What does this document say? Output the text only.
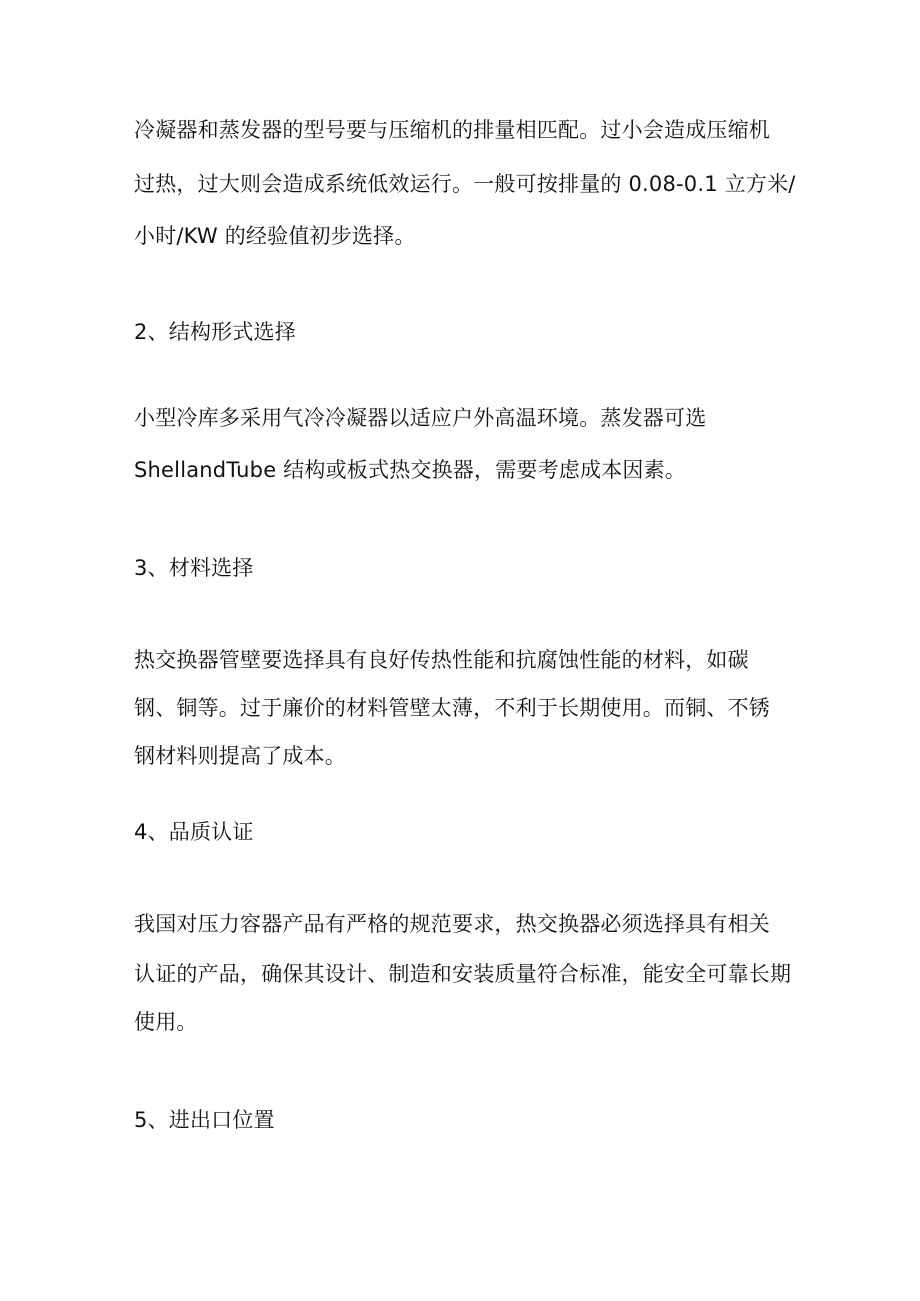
冷凝器和蒸发器的型号要与压缩机的排量相匹配。过小会造成压缩机

过热，过大则会造成系统低效运行。一般可按排量的 0.08-0.1 立方米/

小时/KW 的经验值初步选择。

2、结构形式选择

小型冷库多采用气冷冷凝器以适应户外高温环境。蒸发器可选

ShellandTube 结构或板式热交换器，需要考虑成本因素。

3、材料选择

热交换器管壁要选择具有良好传热性能和抗腐蚀性能的材料，如碳

钢、铜等。过于廉价的材料管壁太薄，不利于长期使用。而铜、不锈

钢材料则提高了成本。

4、品质认证

我国对压力容器产品有严格的规范要求，热交换器必须选择具有相关

认证的产品，确保其设计、制造和安装质量符合标准，能安全可靠长期

使用。

5、进出口位置
